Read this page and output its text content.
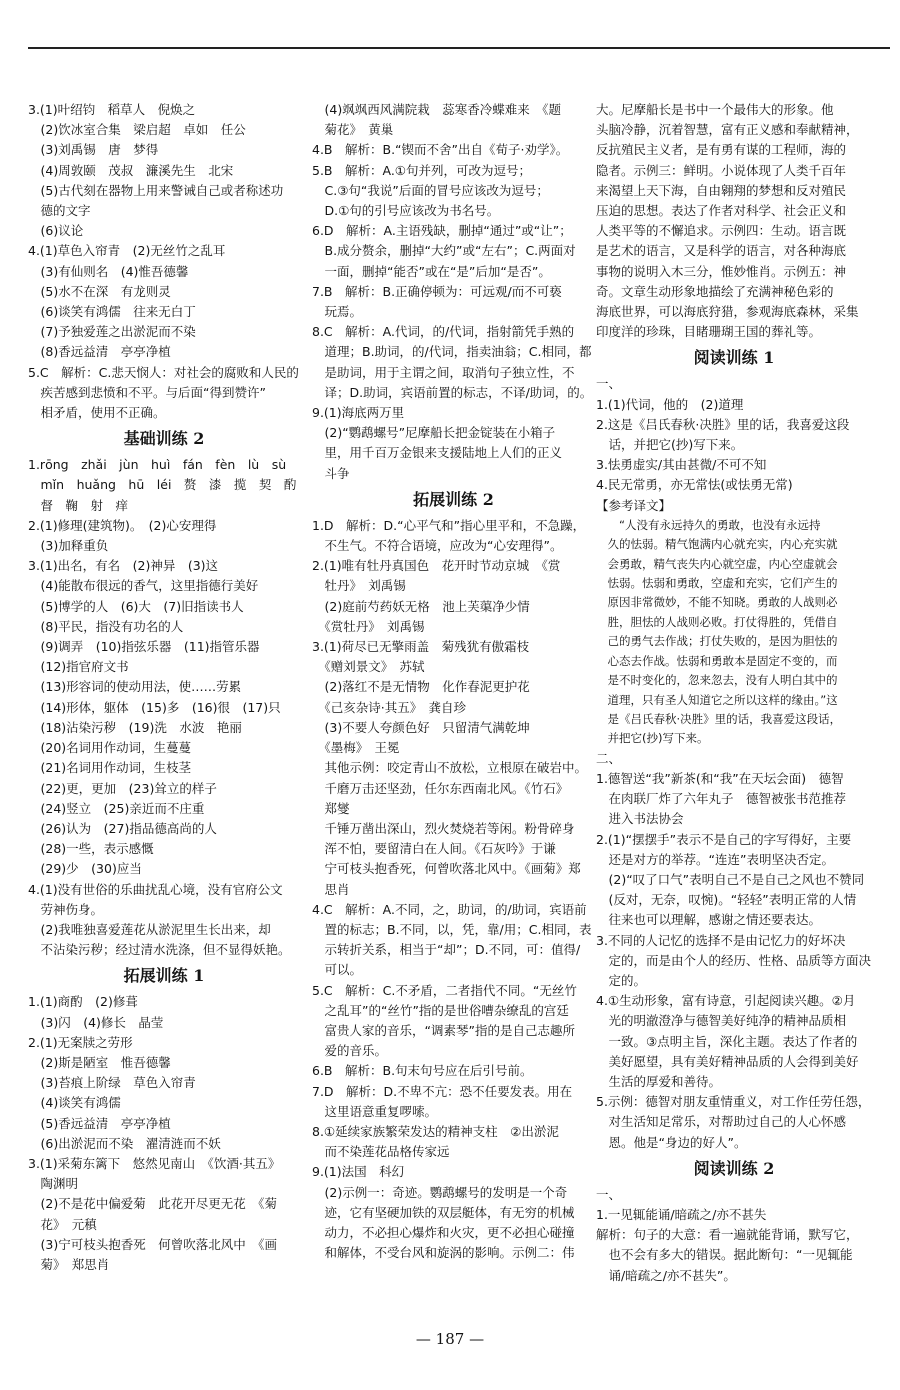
3.(1)叶绍钧　稻草人　倪焕之
　(2)饮冰室合集　梁启超　卓如　任公
　(3)刘禹锡　唐　梦得
　(4)周敦颐　茂叔　濂溪先生　北宋
　(5)古代刻在器物上用来警诫自己或者称述功
　德的文字
　(6)议论
4.(1)草色入帘青　(2)无丝竹之乱耳
　(3)有仙则名　(4)惟吾德馨
　(5)水不在深　有龙则灵
　(6)谈笑有鸿儒　往来无白丁
　(7)予独爱莲之出淤泥而不染
　(8)香远益清　亭亭净植
5.C　解析：C.悲天悯人：对社会的腐败和人民的
　疾苦感到悲愤和不平。与后面“得到赞许”
　相矛盾，使用不正确。
基础训练 2
1.rōng　zhǎi　jùn　huì　fán　fèn　lù　sù
　mǐn　huǎng　hū　léi　赘　漆　揽　契　酌
　督　鞠　射　痒
2.(1)修理(建筑物)。　(2)心安理得
　(3)加释重负
3.(1)出名，有名　(2)神异　(3)这
　(4)能散布很远的香气，这里指德行美好
　(5)博学的人　(6)大　(7)旧指读书人
　(8)平民，指没有功名的人
　(9)调弄　(10)指弦乐器　(11)指管乐器
　(12)指官府文书
　(13)形容词的使动用法，使……劳累
　(14)形体，躯体　(15)多　(16)很　(17)只
　(18)沾染污秽　(19)洗　水波　艳丽
　(20)名词用作动词，生蔓蔓
　(21)名词用作动词，生枝茎
　(22)更，更加　(23)耸立的样子
　(24)竖立　(25)亲近而不庄重
　(26)认为　(27)指品德高尚的人
　(28)一些，表示感慨
　(29)少　(30)应当
4.(1)没有世俗的乐曲扰乱心境，没有官府公文
　劳神伤身。
　(2)我唯独喜爱莲花从淤泥里生长出来，却
　不沾染污秽；经过清水洗涤，但不显得妖艳。
拓展训练 1
1.(1)商酌　(2)修葺
　(3)闪　(4)修长　晶莹
2.(1)无案牍之劳形
　(2)斯是陋室　惟吾德馨
　(3)苔痕上阶绿　草色入帘青
　(4)谈笑有鸿儒
　(5)香远益清　亭亭净植
　(6)出淤泥而不染　濯清涟而不妖
3.(1)采菊东篱下　悠然见南山　《饮酒·其五》
　陶渊明
　(2)不是花中偏爱菊　此花开尽更无花　《菊
　花》　元稹
　(3)宁可枝头抱香死　何曾吹落北风中　《画
　菊》　郑思肖
　(4)飒飒西风满院栽　蕊寒香冷蝶难来　《题
　菊花》　黄巢
4.B　解析：B.“锲而不舍”出自《荀子·劝学》。
5.B　解析：A.①句并列，可改为逗号；
　C.③句“我说”后面的冒号应该改为逗号；
　D.①句的引号应该改为书名号。
6.D　解析：A.主语残缺，删掉“通过”或“让”；
　B.成分赘余，删掉“大约”或“左右”；C.两面对
　一面，删掉“能否”或在“是”后加“是否”。
7.B　解析：B.正确停顿为：可远观/而不可亵
　玩焉。
8.C　解析：A.代词，的/代词，指射箭凭手熟的
　道理；B.助词，的/代词，指卖油翁；C.相同，都
　是助词，用于主谓之间，取消句子独立性，不
　译；D.助词，宾语前置的标志，不译/助词，的。
9.(1)海底两万里
　(2)“鹦鹉螺号”尼摩船长把金锭装在小箱子
　里，用千百万金银来支援陆地上人们的正义
　斗争
拓展训练 2
1.D　解析：D.“心平气和”指心里平和，不急躁，
　不生气。不符合语境，应改为“心安理得”。
2.(1)唯有牡丹真国色　花开时节动京城　《赏
　牡丹》　刘禹锡
　(2)庭前芍药妖无格　池上芙蕖净少情
　《赏牡丹》　刘禹锡
3.(1)荷尽已无擎雨盖　菊残犹有傲霜枝
　《赠刘景文》　苏轼
　(2)落红不是无情物　化作春泥更护花
　《己亥杂诗·其五》　龚自珍
　(3)不要人夸颜色好　只留清气满乾坤
　《墨梅》　王冕
　其他示例：咬定青山不放松，立根原在破岩中。
　千磨万击还坚劲，任尔东西南北风。《竹石》
　郑燮
　千锤万凿出深山，烈火焚烧若等闲。粉骨碎身
　浑不怕，要留清白在人间。《石灰吟》于谦
　宁可枝头抱香死，何曾吹落北风中。《画菊》郑
　思肖
4.C　解析：A.不同，之，助词，的/助词，宾语前
　置的标志；B.不同，以，凭，靠/用；C.相同，表
　示转折关系，相当于“却”；D.不同，可：值得/
　可以。
5.C　解析：C.不矛盾，二者指代不同。“无丝竹
　之乱耳”的“丝竹”指的是世俗嘈杂缭乱的宫廷
　富贵人家的音乐，“调素琴”指的是自己志趣所
　爱的音乐。
6.B　解析：B.句末句号应在后引号前。
7.D　解析：D.不卑不亢：恐不任要发表。用在
　这里语意重复啰嗦。
8.①延续家族繁荣发达的精神支柱　②出淤泥
　而不染莲花品格传家远
9.(1)法国　科幻
　(2)示例一：奇迹。鹦鹉螺号的发明是一个奇
　迹，它有坚硬加铁的双层艇体，有无穷的机械
　动力，不必担心爆炸和火灾，更不必担心碰撞
　和解体，不受台风和旋涡的影响。示例二：伟
大。尼摩船长是书中一个最伟大的形象。他
头脑冷静，沉着智慧，富有正义感和奉献精神，
反抗殖民主义者，是有勇有谋的工程师，海的
隐者。示例三：鲜明。小说体现了人类千百年
来渴望上天下海，自由翱翔的梦想和反对殖民
压迫的思想。表达了作者对科学、社会正义和
人类平等的不懈追求。示例四：生动。语言既
是艺术的语言，又是科学的语言，对各种海底
事物的说明入木三分，惟妙惟肖。示例五：神
奇。文章生动形象地描绘了充满神秘色彩的
海底世界，可以海底狩猎，参观海底森林，采集
印度洋的珍珠，目睹珊瑚王国的葬礼等。
阅读训练 1
一、
1.(1)代词，他的　(2)道理
2.这是《吕氏春秋·决胜》里的话，我喜爱这段
　话，并把它(抄)写下来。
3.怯勇虚实/其由甚微/不可不知
4.民无常勇，亦无常怯(或怯勇无常)
【参考译文】
　　“人没有永远持久的勇敢，也没有永远持
　久的怯弱。精气饱满内心就充实，内心充实就
　会勇敢，精气丧失内心就空虚，内心空虚就会
　怯弱。怯弱和勇敢，空虚和充实，它们产生的
　原因非常微妙，不能不知晓。勇敢的人战则必
　胜，胆怯的人战则必败。打仗得胜的，凭借自
　己的勇气去作战；打仗失败的，是因为胆怯的
　心态去作战。怯弱和勇敢本是固定不变的，而
　是不时变化的，忽来忽去，没有人明白其中的
　道理，只有圣人知道它之所以这样的缘由。”这
　是《吕氏春秋·决胜》里的话，我喜爱这段话，
　并把它(抄)写下来。
二、
1.德智送“我”新茶(和“我”在天坛会面)　德智
　在肉联厂炸了六年丸子　德智被张书范推荐
　进入书法协会
2.(1)“摆摆手”表示不是自己的字写得好，主要
　还是对方的举荐。“连连”表明坚决否定。
　(2)“叹了口气”表明自己不是自己之风也不赞同
　(反对，无奈，叹惋)。“轻轻”表明正常的人情
　往来也可以理解，感谢之情还要表达。
3.不同的人记忆的选择不是由记忆力的好坏决
　定的，而是由个人的经历、性格、品质等方面决
　定的。
4.①生动形象，富有诗意，引起阅读兴趣。②月
　光的明澈澄净与德智美好纯净的精神品质相
　一致。③点明主旨，深化主题。表达了作者的
　美好愿望，具有美好精神品质的人会得到美好
　生活的厚爱和善待。
5.示例：德智对朋友重情重义，对工作任劳任怨，
　对生活知足常乐，对帮助过自己的人心怀感
　恩。他是“身边的好人”。
阅读训练 2
一、
1.一见辄能诵/暗疏之/亦不甚失
解析：句子的大意：看一遍就能背诵，默写它，
　也不会有多大的错误。据此断句：“一见辄能
　诵/暗疏之/亦不甚失”。
— 187 —
